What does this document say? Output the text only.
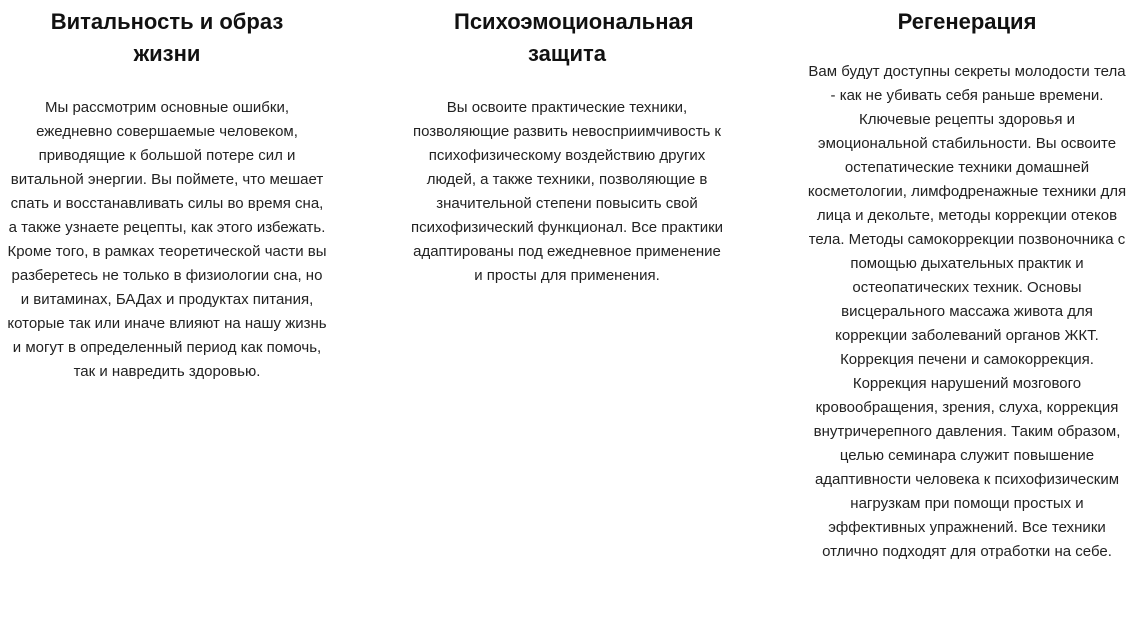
Витальность и образ жизни

Мы рассмотрим основные ошибки, ежедневно совершаемые человеком, приводящие к большой потере сил и витальной энергии. Вы поймете, что мешает спать и восстанавливать силы во время сна, а также узнаете рецепты, как этого избежать. Кроме того, в рамках теоретической части вы разберетесь не только в физиологии сна, но и витаминах, БАДах и продуктах питания, которые так или иначе влияют на нашу жизнь и могут в определенный период как помочь, так и навредить здоровью.

Психоэмоциональная защита

Вы освоите практические техники, позволяющие развить невосприимчивость к психофизическому воздействию других людей, а также техники, позволяющие в значительной степени повысить свой психофизический функционал. Все практики адаптированы под ежедневное применение и просты для применения.

Регенерация

Вам будут доступны секреты молодости тела - как не убивать себя раньше времени. Ключевые рецепты здоровья и эмоциональной стабильности. Вы освоите остепатические техники домашней косметологии, лимфодренажные техники для лица и декольте, методы коррекции отеков тела. Методы самокоррекции позвоночника с помощью дыхательных практик и остеопатических техник. Основы висцерального массажа живота для коррекции заболеваний органов ЖКТ. Коррекция печени и самокоррекция. Коррекция нарушений мозгового кровообращения, зрения, слуха, коррекция внутричерепного давления. Таким образом, целью семинара служит повышение адаптивности человека к психофизическим нагрузкам при помощи простых и эффективных упражнений. Все техники отлично подходят для отработки на себе.
